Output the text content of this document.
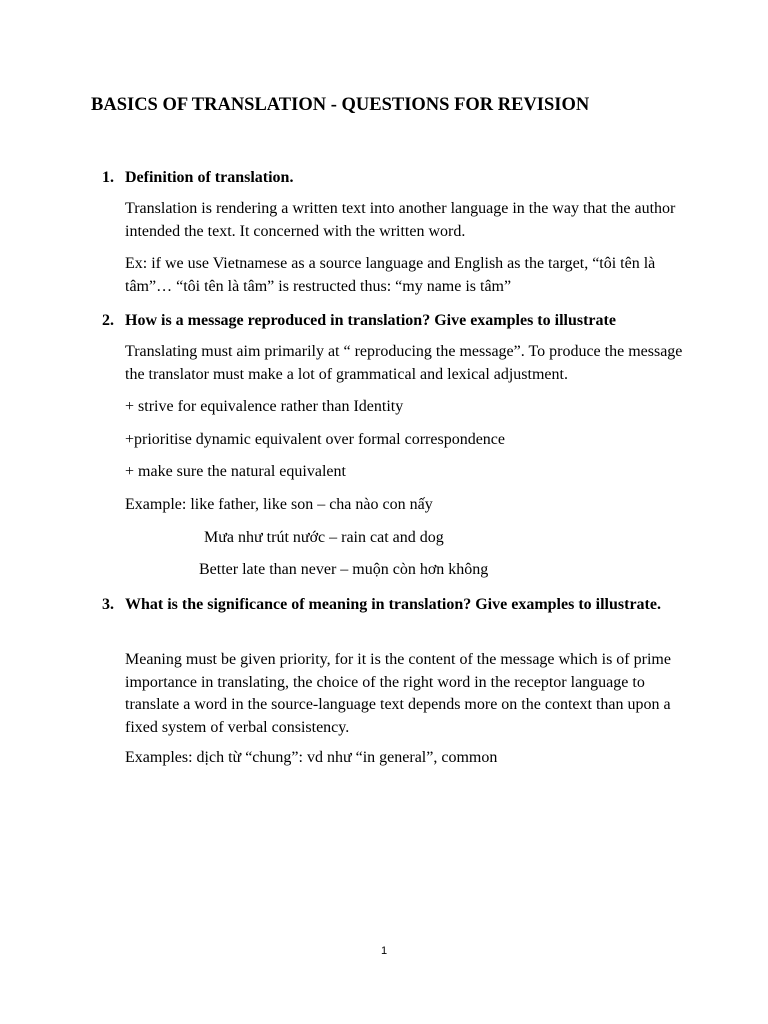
BASICS OF TRANSLATION - QUESTIONS FOR REVISION
1. Definition of translation.

Translation is rendering a written text into another language in the way that the author intended the text. It concerned with the written word.

Ex: if we use Vietnamese as a source language and English as the target, “tôi tên là tâm”… “tôi tên là tâm” is restructed thus: “my name is tâm”

2. How is a message reproduced in translation? Give examples to illustrate

Translating must aim primarily at “ reproducing the message”. To produce the message the translator must make a lot of grammatical and lexical adjustment.

+ strive for equivalence rather than Identity

+prioritise dynamic equivalent over formal correspondence

+ make sure the natural equivalent

Example: like father, like son – cha nào con nấy

Mưa như trút nước – rain cat and dog

Better late than never – muộn còn hơn không

3. What is the significance of meaning in translation? Give examples to illustrate.

Meaning must be given priority, for it is the content of the message which is of prime importance in translating, the choice of the right word in the receptor language to translate a word in the source-language text depends more on the context than upon a fixed system of verbal consistency.

Examples: dịch từ “chung”: vd như “in general”, common

1
